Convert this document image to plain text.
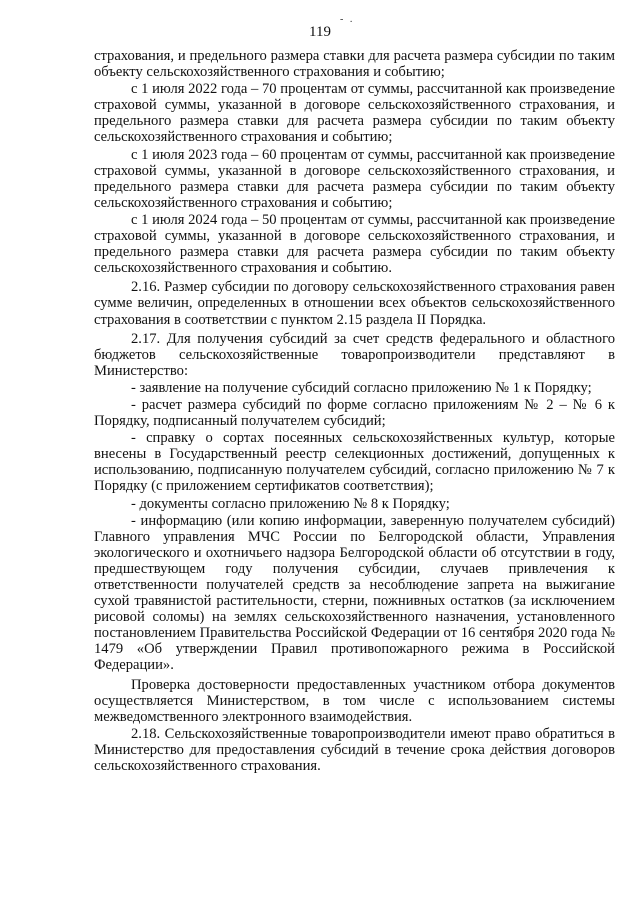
- .
119

страхования, и предельного размера ставки для расчета размера субсидии по таким объекту сельскохозяйственного страхования и событию;

с 1 июля 2022 года – 70 процентам от суммы, рассчитанной как произведение страховой суммы, указанной в договоре сельскохозяйственного страхования, и предельного размера ставки для расчета размера субсидии по таким объекту сельскохозяйственного страхования и событию;

с 1 июля 2023 года – 60 процентам от суммы, рассчитанной как произведение страховой суммы, указанной в договоре сельскохозяйственного страхования, и предельного размера ставки для расчета размера субсидии по таким объекту сельскохозяйственного страхования и событию;

с 1 июля 2024 года – 50 процентам от суммы, рассчитанной как произведение страховой суммы, указанной в договоре сельскохозяйственного страхования, и предельного размера ставки для расчета размера субсидии по таким объекту сельскохозяйственного страхования и событию.

2.16. Размер субсидии по договору сельскохозяйственного страхования равен сумме величин, определенных в отношении всех объектов сельскохозяйственного страхования в соответствии с пунктом 2.15 раздела II Порядка.

2.17. Для получения субсидий за счет средств федерального и областного бюджетов сельскохозяйственные товаропроизводители представляют в Министерство:

- заявление на получение субсидий согласно приложению № 1 к Порядку;

- расчет размера субсидий по форме согласно приложениям № 2 – № 6 к Порядку, подписанный получателем субсидий;

- справку о сортах посеянных сельскохозяйственных культур, которые внесены в Государственный реестр селекционных достижений, допущенных к использованию, подписанную получателем субсидий, согласно приложению № 7 к Порядку (с приложением сертификатов соответствия);

- документы согласно приложению № 8 к Порядку;

- информацию (или копию информации, заверенную получателем субсидий) Главного управления МЧС России по Белгородской области, Управления экологического и охотничьего надзора Белгородской области об отсутствии в году, предшествующем году получения субсидии, случаев привлечения к ответственности получателей средств за несоблюдение запрета на выжигание сухой травянистой растительности, стерни, пожнивных остатков (за исключением рисовой соломы) на землях сельскохозяйственного назначения, установленного постановлением Правительства Российской Федерации от 16 сентября 2020 года № 1479 «Об утверждении Правил противопожарного режима в Российской Федерации».

Проверка достоверности предоставленных участником отбора документов осуществляется Министерством, в том числе с использованием системы межведомственного электронного взаимодействия.

2.18. Сельскохозяйственные товаропроизводители имеют право обратиться в Министерство для предоставления субсидий в течение срока действия договоров сельскохозяйственного страхования.
